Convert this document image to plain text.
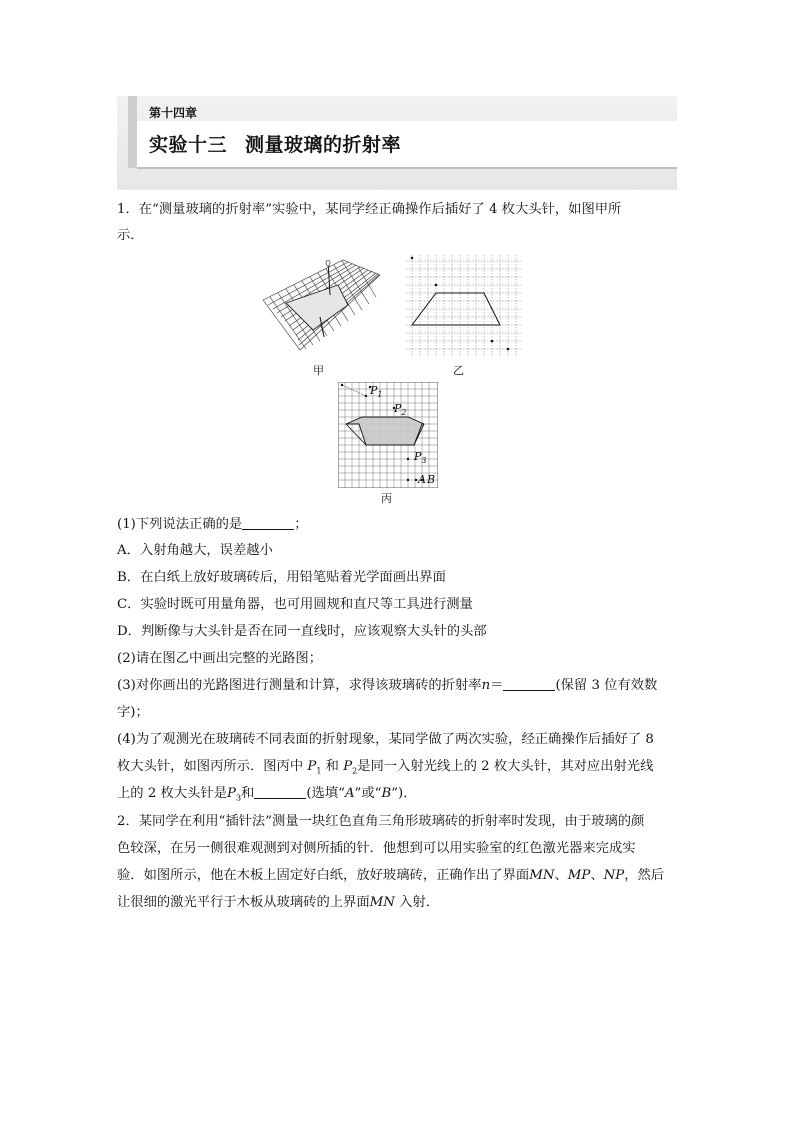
第十四章
实验十三 测量玻璃的折射率
1．在“测量玻璃的折射率”实验中，某同学经正确操作后插好了 4 枚大头针，如图甲所
示．
甲	乙
$P_1$
$P_2$
$P_3$
A B
丙
(1)下列说法正确的是	；
A．入射角越大，误差越小
B．在白纸上放好玻璃砖后，用铅笔贴着光学面画出界面
C．实验时既可用量角器，也可用圆规和直尺等工具进行测量
D．判断像与大头针是否在同一直线时，应该观察大头针的头部
(2)请在图乙中画出完整的光路图；
(3)对你画出的光路图进行测量和计算，求得该玻璃砖的折射率n＝	(保留 3 位有效数
字)；
(4)为了观测光在玻璃砖不同表面的折射现象，某同学做了两次实验，经正确操作后插好了 8
枚大头针，如图丙所示．图丙中 $P_1$ 和 $P_2$是同一入射光线上的 2 枚大头针，其对应出射光线
上的 2 枚大头针是$P_3$和	(选填“A”或“B”)．
2．某同学在利用“插针法”测量一块红色直角三角形玻璃砖的折射率时发现，由于玻璃的颜
色较深，在另一侧很难观测到对侧所插的针．他想到可以用实验室的红色激光器来完成实
验．如图所示，他在木板上固定好白纸，放好玻璃砖，正确作出了界面MN、MP、NP，然后
让很细的激光平行于木板从玻璃砖的上界面MN 入射．
